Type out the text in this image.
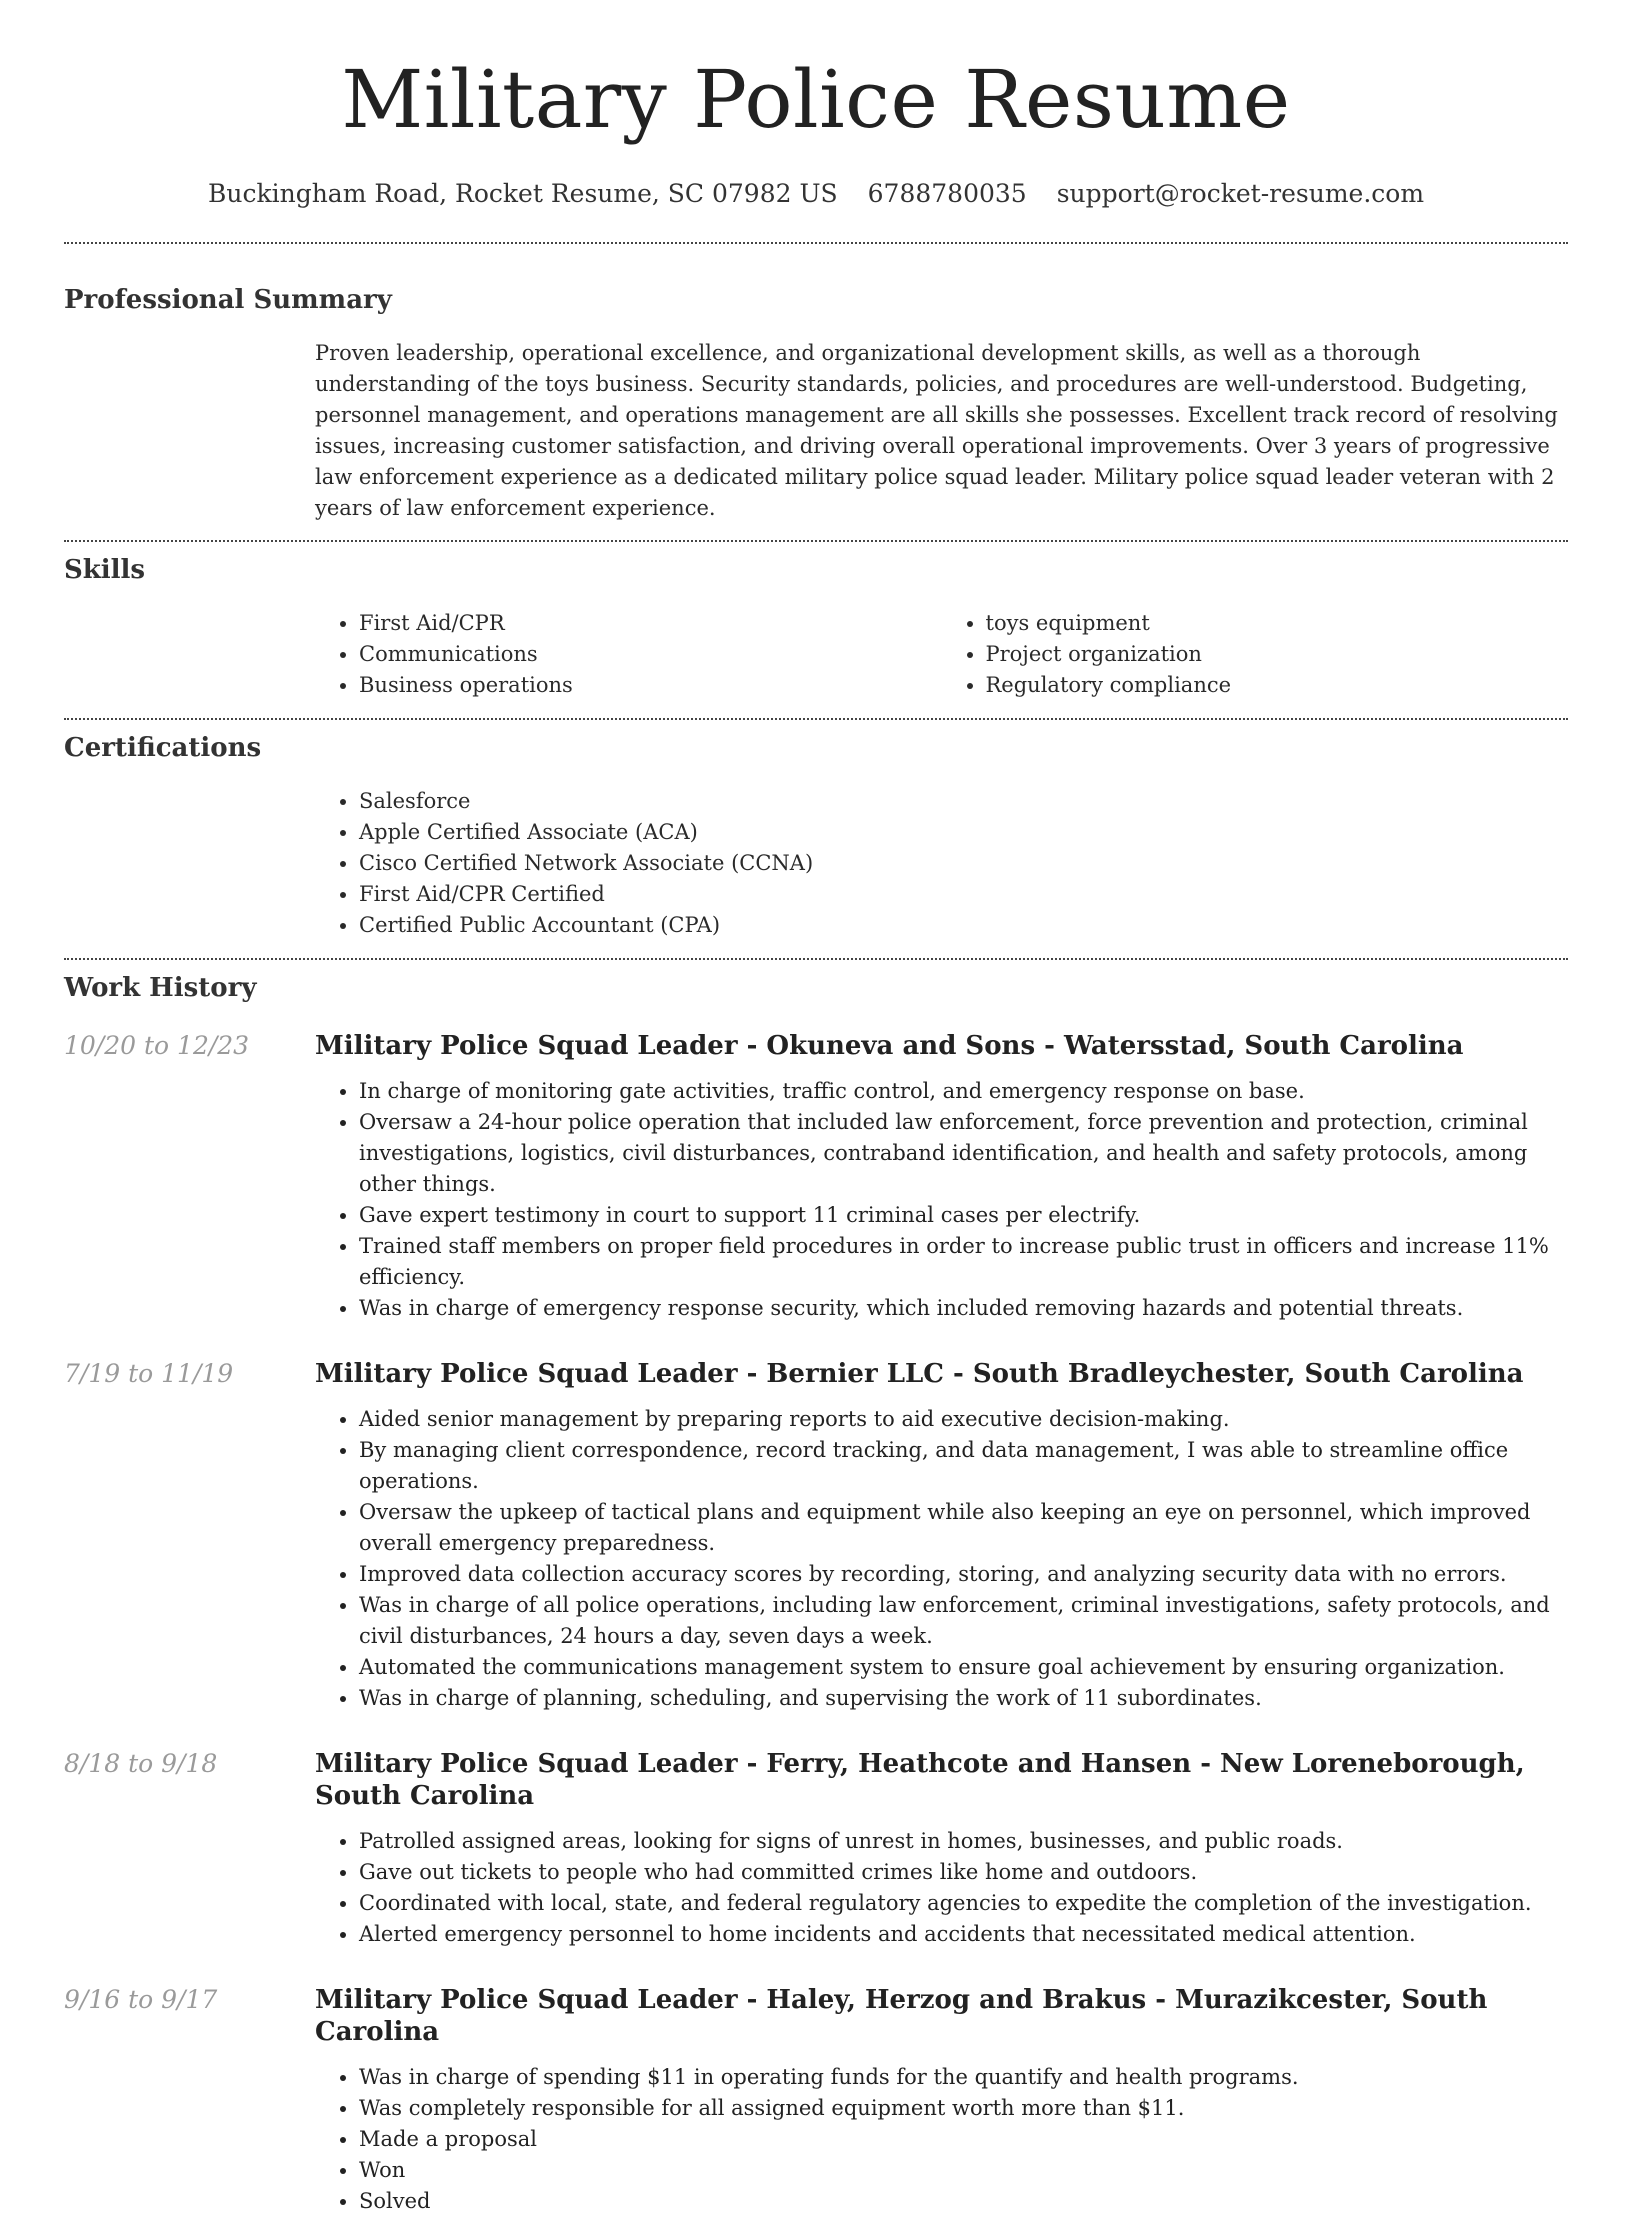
Military Police Resume
Buckingham Road, Rocket Resume, SC 07982 US 6788780035 support@rocket-resume.com
Professional Summary

Proven leadership, operational excellence, and organizational development skills, as well as a thorough understanding of the toys business. Security standards, policies, and procedures are well-understood. Budgeting, personnel management, and operations management are all skills she possesses. Excellent track record of resolving issues, increasing customer satisfaction, and driving overall operational improvements. Over 3 years of progressive law enforcement experience as a dedicated military police squad leader. Military police squad leader veteran with 2 years of law enforcement experience.

Skills
• First Aid/CPR
• Communications
• Business operations
• toys equipment
• Project organization
• Regulatory compliance
Certifications
• Salesforce
• Apple Certified Associate (ACA)
• Cisco Certified Network Associate (CCNA)
• First Aid/CPR Certified
• Certified Public Accountant (CPA)
Work History
10/20 to 12/23	Military Police Squad Leader - Okuneva and Sons - Watersstad, South Carolina
• In charge of monitoring gate activities, traffic control, and emergency response on base.
• Oversaw a 24-hour police operation that included law enforcement, force prevention and protection, criminal investigations, logistics, civil disturbances, contraband identification, and health and safety protocols, among other things.
• Gave expert testimony in court to support 11 criminal cases per electrify.
• Trained staff members on proper field procedures in order to increase public trust in officers and increase 11% efficiency.
• Was in charge of emergency response security, which included removing hazards and potential threats.
7/19 to 11/19	Military Police Squad Leader - Bernier LLC - South Bradleychester, South Carolina
• Aided senior management by preparing reports to aid executive decision-making.
• By managing client correspondence, record tracking, and data management, I was able to streamline office operations.
• Oversaw the upkeep of tactical plans and equipment while also keeping an eye on personnel, which improved overall emergency preparedness.
• Improved data collection accuracy scores by recording, storing, and analyzing security data with no errors.
• Was in charge of all police operations, including law enforcement, criminal investigations, safety protocols, and civil disturbances, 24 hours a day, seven days a week.
• Automated the communications management system to ensure goal achievement by ensuring organization.
• Was in charge of planning, scheduling, and supervising the work of 11 subordinates.
8/18 to 9/18	Military Police Squad Leader - Ferry, Heathcote and Hansen - New Loreneborough, South Carolina
• Patrolled assigned areas, looking for signs of unrest in homes, businesses, and public roads.
• Gave out tickets to people who had committed crimes like home and outdoors.
• Coordinated with local, state, and federal regulatory agencies to expedite the completion of the investigation.
• Alerted emergency personnel to home incidents and accidents that necessitated medical attention.
9/16 to 9/17	Military Police Squad Leader - Haley, Herzog and Brakus - Murazikcester, South Carolina
• Was in charge of spending $11 in operating funds for the quantify and health programs.
• Was completely responsible for all assigned equipment worth more than $11.
• Made a proposal
• Won
• Solved
